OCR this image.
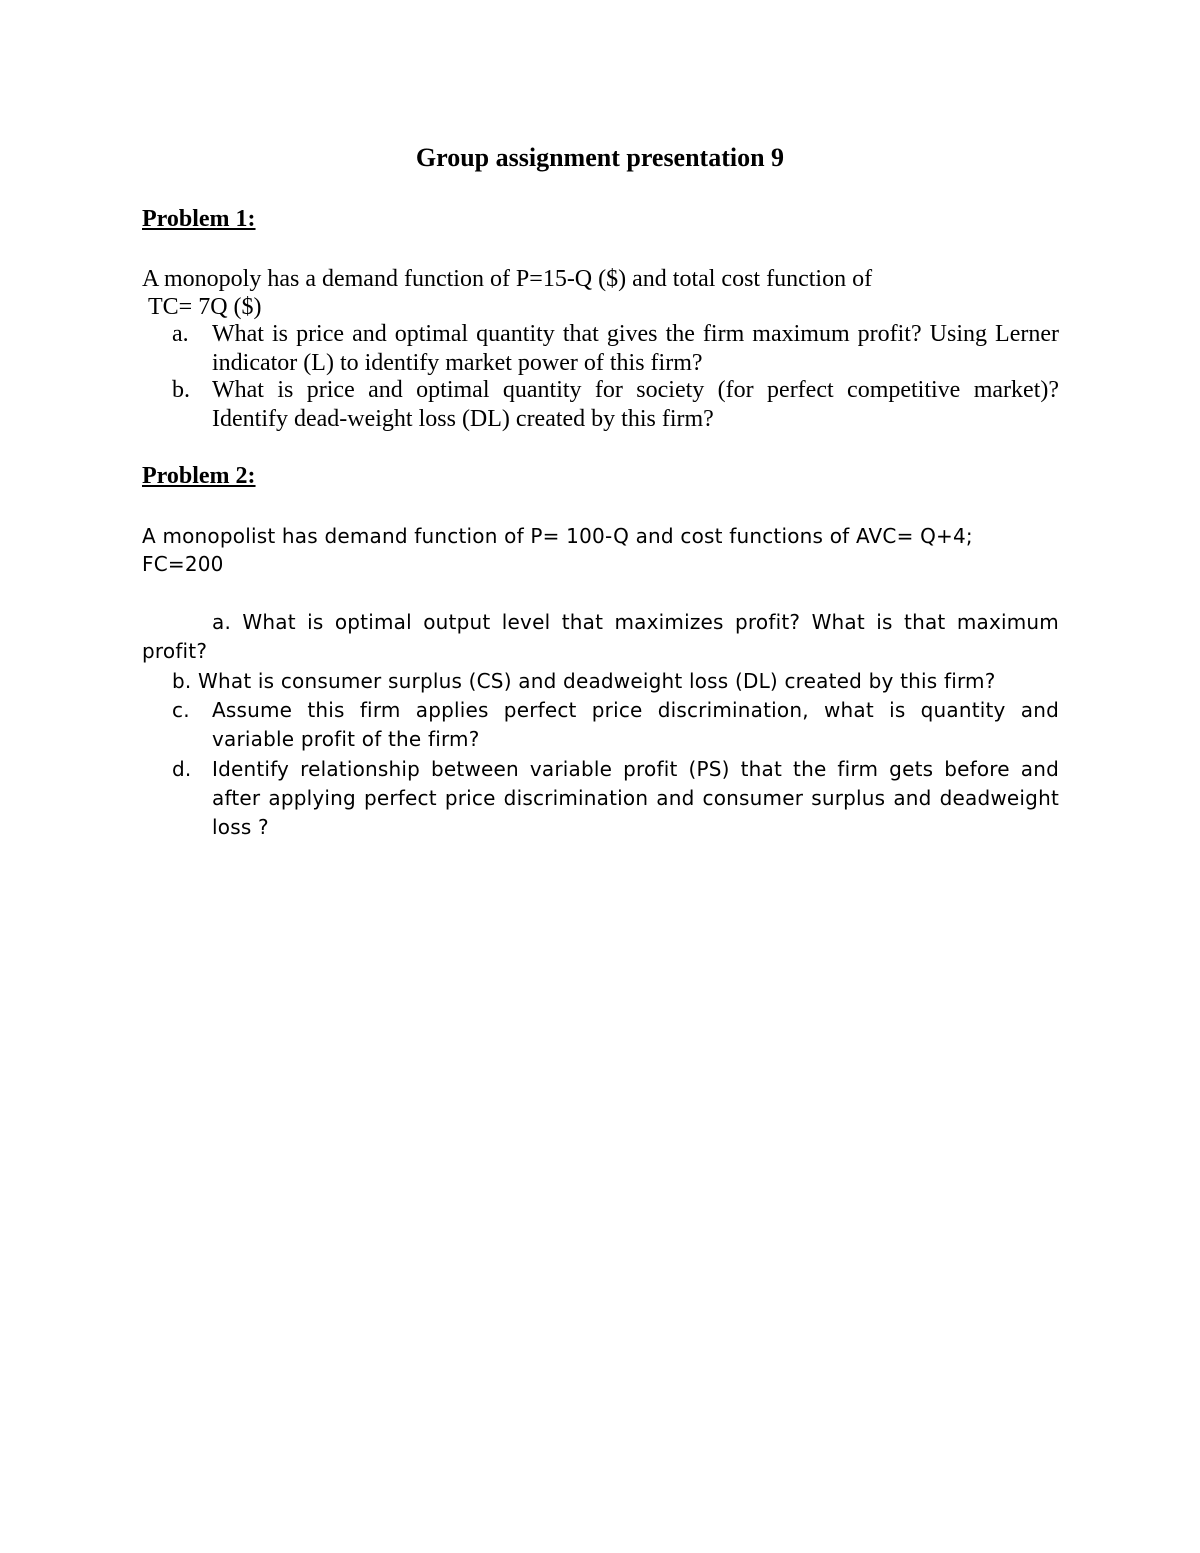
Group assignment presentation 9
Problem 1:
A monopoly has a demand function of P=15-Q ($) and total cost function of
TC= 7Q ($)
a. What is price and optimal quantity that gives the firm maximum profit? Using Lerner indicator (L) to identify market power of this firm?
b. What is price and optimal quantity for society (for perfect competitive market)? Identify dead-weight loss (DL) created by this firm?
Problem 2:
A monopolist has demand function of P= 100-Q and cost functions of AVC= Q+4;
FC=200
a. What is optimal output level that maximizes profit? What is that maximum profit?
b. What is consumer surplus (CS) and deadweight loss (DL) created by this firm?
c.	Assume this firm applies perfect price discrimination, what is quantity and variable profit of the firm?
d.	Identify relationship between variable profit (PS) that the firm gets before and after applying perfect price discrimination and consumer surplus and deadweight loss ?
